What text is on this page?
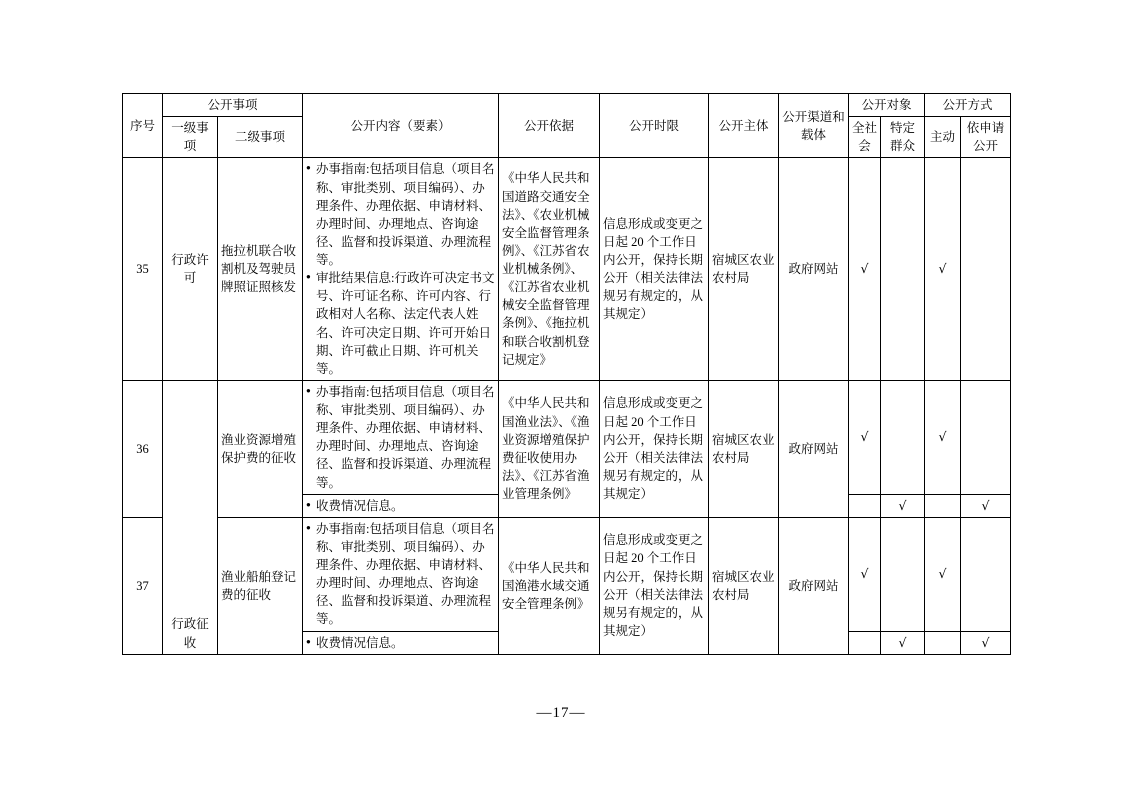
序号	公开事项		公开内容（要素）	公开依据	公开时限	公开主体	公开渠道和载体	公开对象		公开方式	
	一级事项	二级事项						全社会	特定群众	主动	依申请公开
35	行政许可	拖拉机联合收割机及驾驶员牌照证照核发	● 办事指南:包括项目信息（项目名称、审批类别、项目编码）、办理条件、办理依据、申请材料、办理时间、办理地点、咨询途径、监督和投诉渠道、办理流程等。
● 审批结果信息:行政许可决定书文号、许可证名称、许可内容、行政相对人名称、法定代表人姓名、许可决定日期、许可开始日期、许可截止日期、许可机关等。	《中华人民共和国道路交通安全法》、《农业机械安全监督管理条例》、《江苏省农业机械条例》、《江苏省农业机械安全监督管理条例》、《拖拉机和联合收割机登记规定》	信息形成或变更之日起 20 个工作日内公开，保持长期公开（相关法律法规另有规定的，从其规定）	宿城区农业农村局	政府网站	√		√	
36	行政征收	渔业资源增殖保护费的征收	● 办事指南:包括项目信息（项目名称、审批类别、项目编码）、办理条件、办理依据、申请材料、办理时间、办理地点、咨询途径、监督和投诉渠道、办理流程等。	《中华人民共和国渔业法》、《渔业资源增殖保护费征收使用办法》、《江苏省渔业管理条例》	信息形成或变更之日起 20 个工作日内公开，保持长期公开（相关法律法规另有规定的，从其规定）	宿城区农业农村局	政府网站	√		√	

			● 收费情况信息。						√		√
37		渔业船舶登记费的征收	● 办事指南:包括项目信息（项目名称、审批类别、项目编码）、办理条件、办理依据、申请材料、办理时间、办理地点、咨询途径、监督和投诉渠道、办理流程等。	《中华人民共和国渔港水域交通安全管理条例》	信息形成或变更之日起 20 个工作日内公开，保持长期公开（相关法律法规另有规定的，从其规定）	宿城区农业农村局	政府网站	√		√	

			● 收费情况信息。						√		√
—17—
